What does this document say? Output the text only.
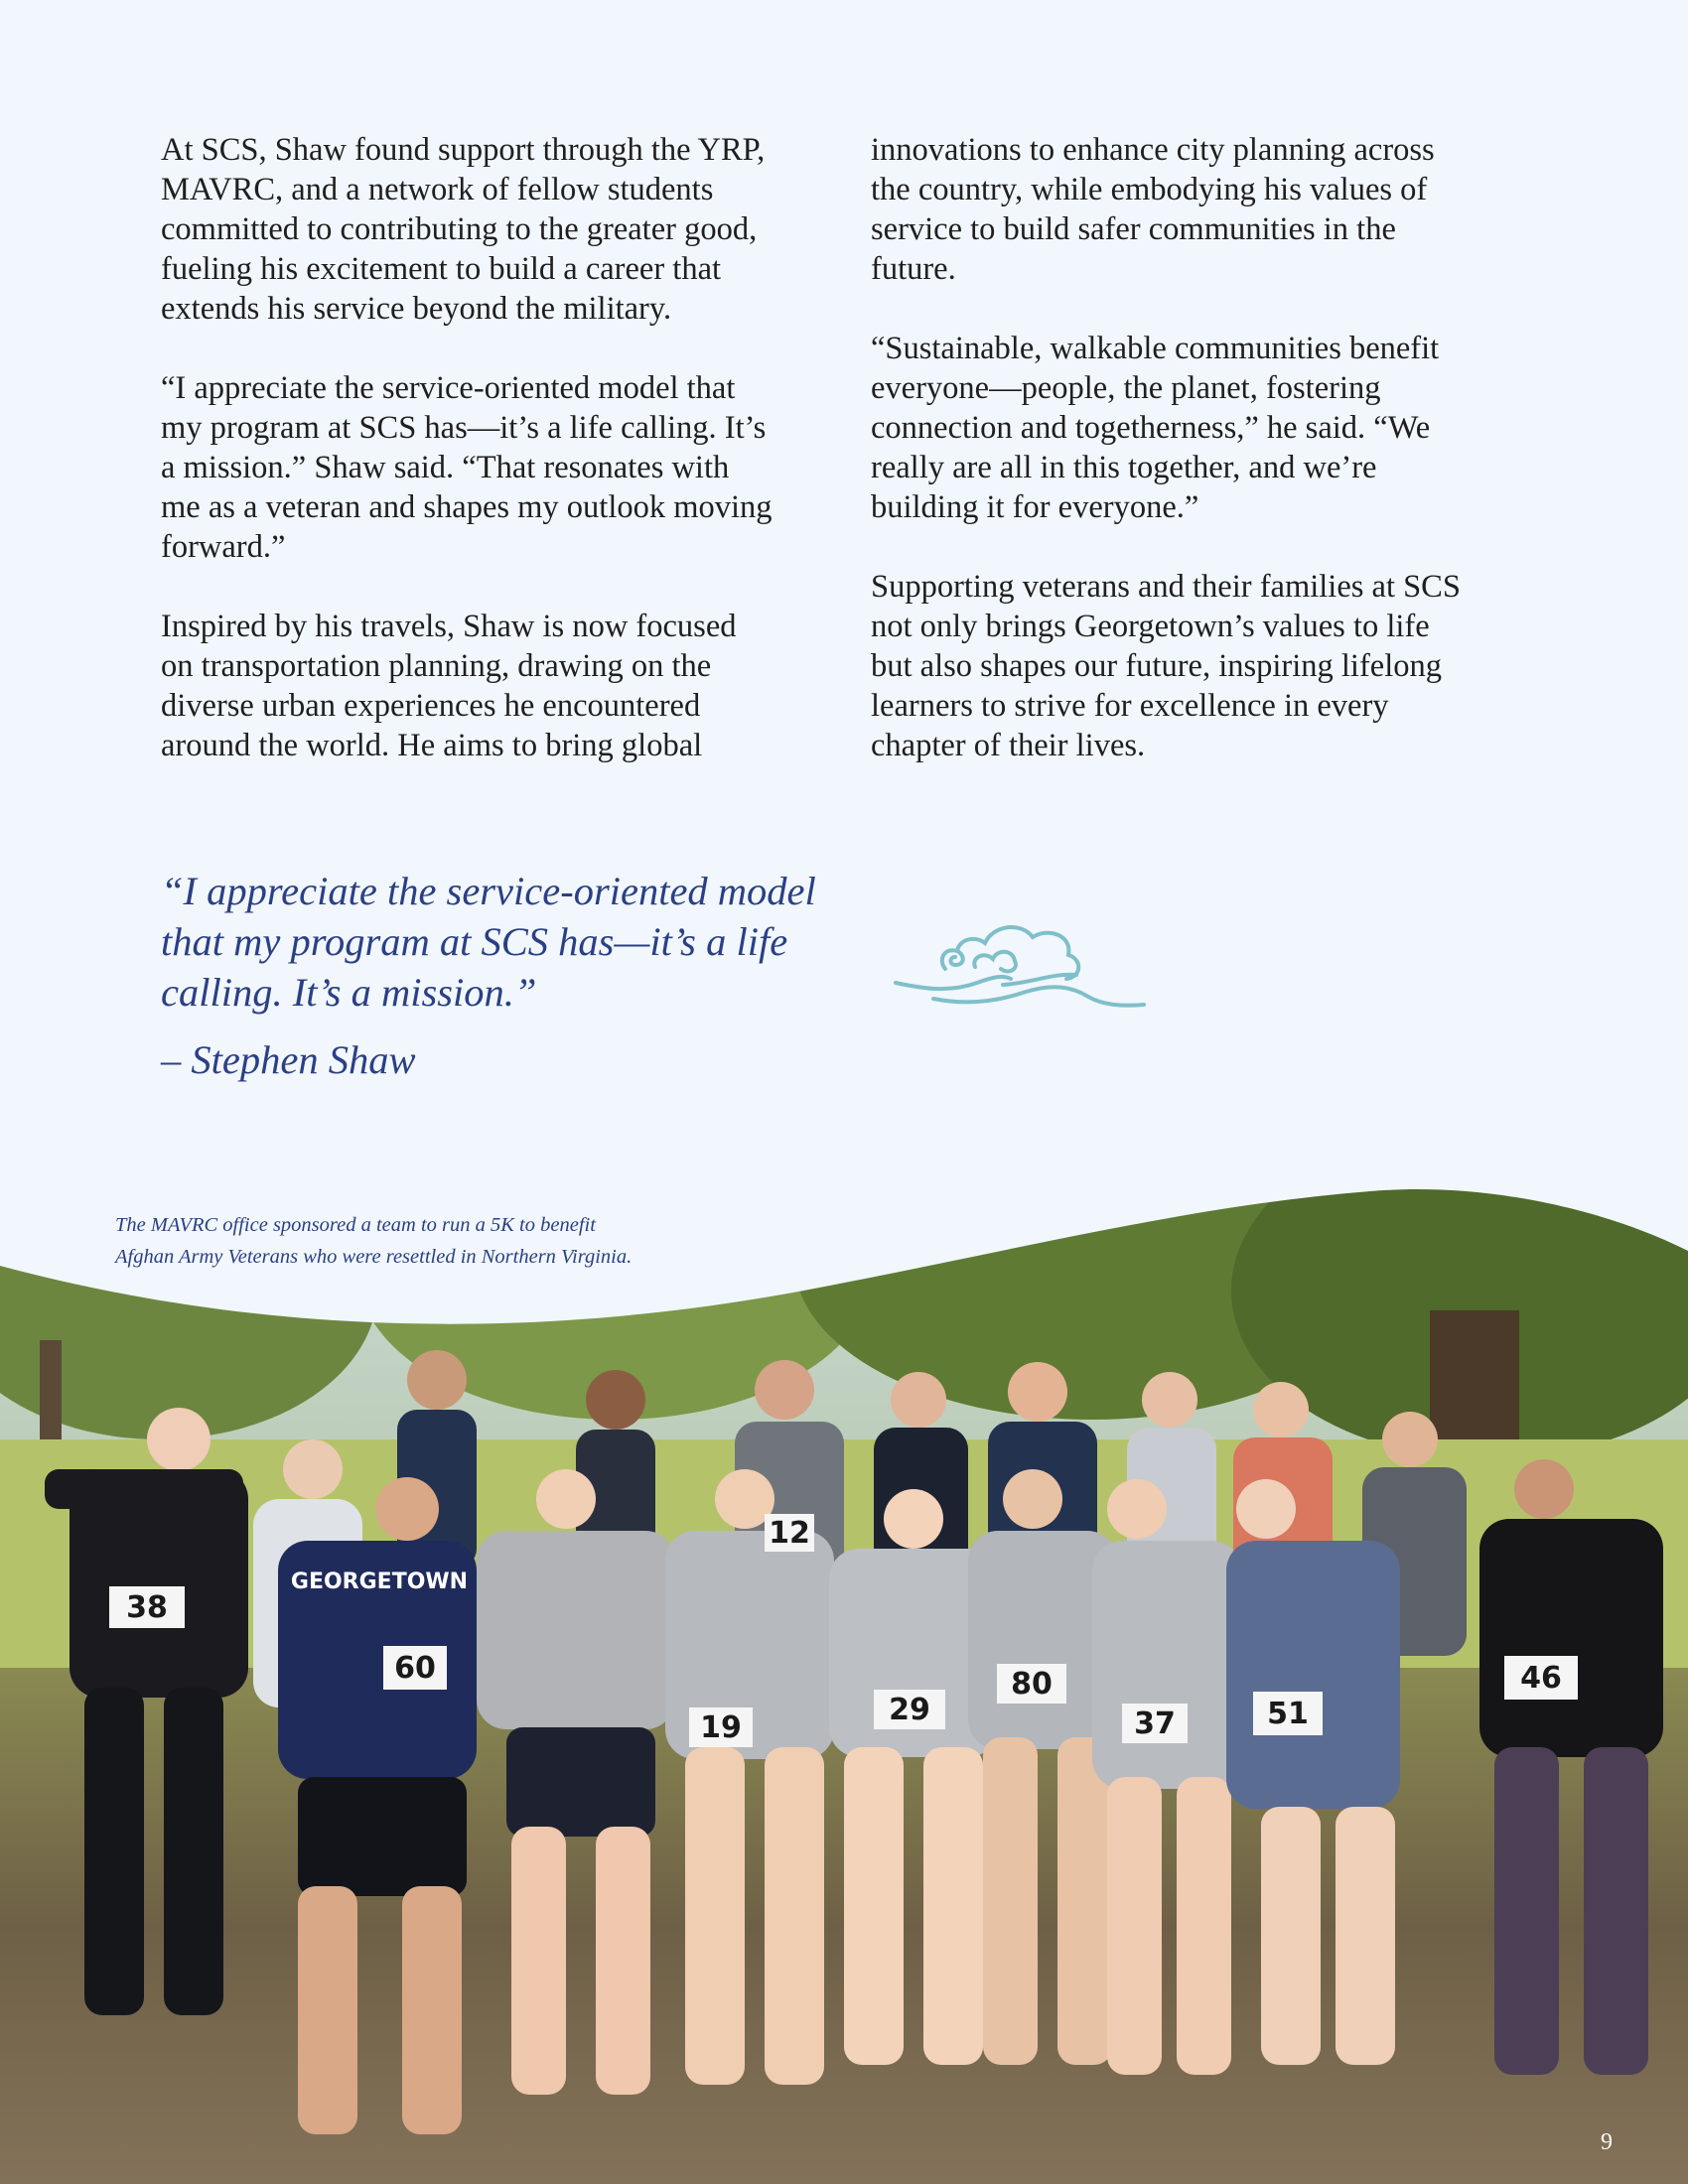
At SCS, Shaw found support through the YRP, MAVRC, and a network of fellow students committed to contributing to the greater good, fueling his excitement to build a career that extends his service beyond the military.

“I appreciate the service-oriented model that my program at SCS has—it’s a life calling. It’s a mission.” Shaw said. “That resonates with me as a veteran and shapes my outlook moving forward.”

Inspired by his travels, Shaw is now focused on transportation planning, drawing on the diverse urban experiences he encountered around the world. He aims to bring global

innovations to enhance city planning across the country, while embodying his values of service to build safer communities in the future.

“Sustainable, walkable communities benefit everyone—people, the planet, fostering connection and togetherness,” he said. “We really are all in this together, and we’re building it for everyone.”

Supporting veterans and their families at SCS not only brings Georgetown’s values to life but also shapes our future, inspiring lifelong learners to strive for excellence in every chapter of their lives.

“I appreciate the service-oriented model that my program at SCS has—it’s a life calling. It’s a mission.”

– Stephen Shaw
38
60
19
29
80
37	51
46
12
GEORGETOWN
The MAVRC office sponsored a team to run a 5K to benefit
Afghan Army Veterans who were resettled in Northern Virginia.
9
